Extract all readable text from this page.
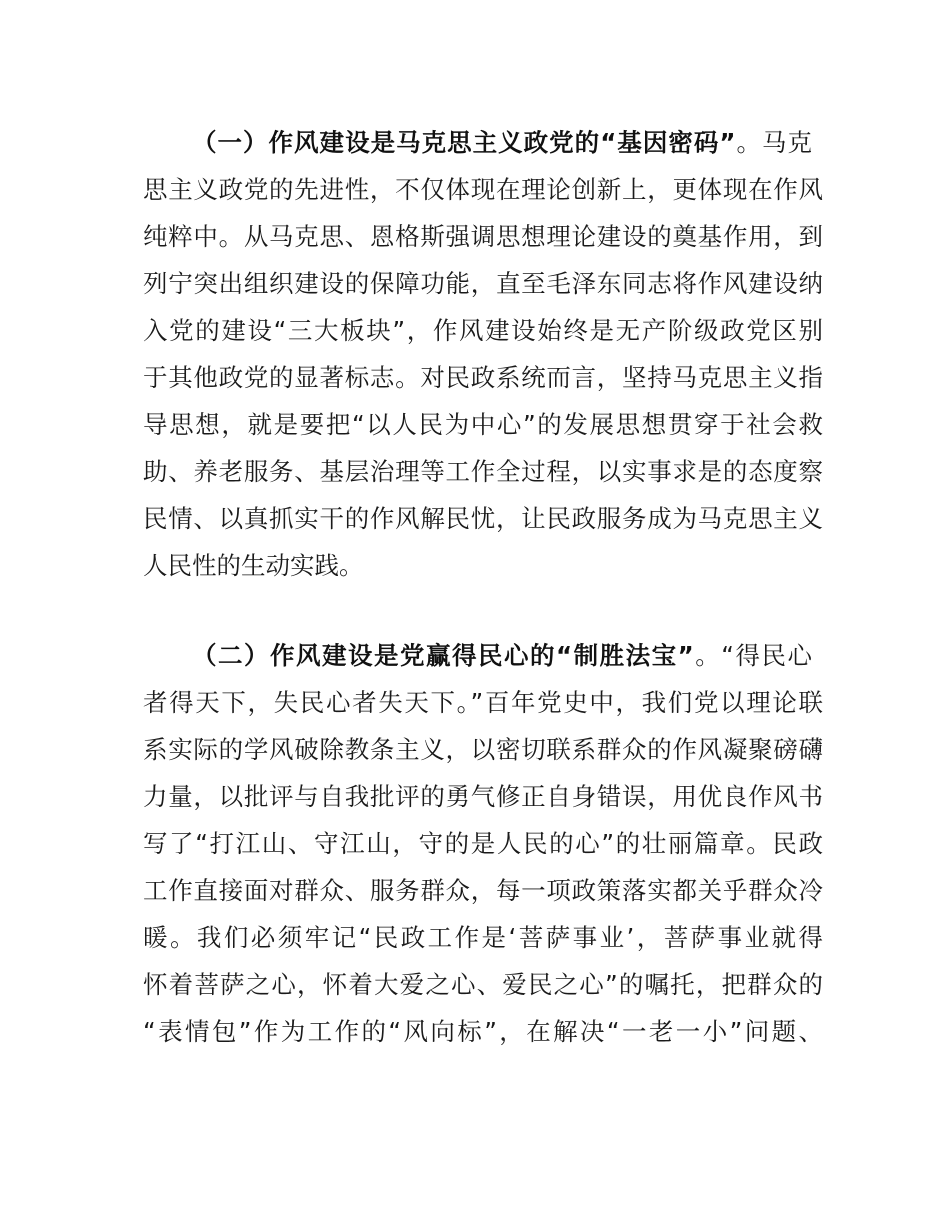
（一）作风建设是马克思主义政党的“基因密码”。马克
思主义政党的先进性，不仅体现在理论创新上，更体现在作风
纯粹中。从马克思、恩格斯强调思想理论建设的奠基作用，到
列宁突出组织建设的保障功能，直至毛泽东同志将作风建设纳
入党的建设“三大板块”，作风建设始终是无产阶级政党区别
于其他政党的显著标志。对民政系统而言，坚持马克思主义指
导思想，就是要把“以人民为中心”的发展思想贯穿于社会救
助、养老服务、基层治理等工作全过程，以实事求是的态度察
民情、以真抓实干的作风解民忧，让民政服务成为马克思主义
人民性的生动实践。
（二）作风建设是党赢得民心的“制胜法宝”。“得民心
者得天下，失民心者失天下。”百年党史中，我们党以理论联
系实际的学风破除教条主义，以密切联系群众的作风凝聚磅礴
力量，以批评与自我批评的勇气修正自身错误，用优良作风书
写了“打江山、守江山，守的是人民的心”的壮丽篇章。民政
工作直接面对群众、服务群众，每一项政策落实都关乎群众冷
暖。我们必须牢记“民政工作是‘菩萨事业’，菩萨事业就得
怀着菩萨之心，怀着大爱之心、爱民之心”的嘱托，把群众的
“表情包”作为工作的“风向标”，在解决“一老一小”问题、
